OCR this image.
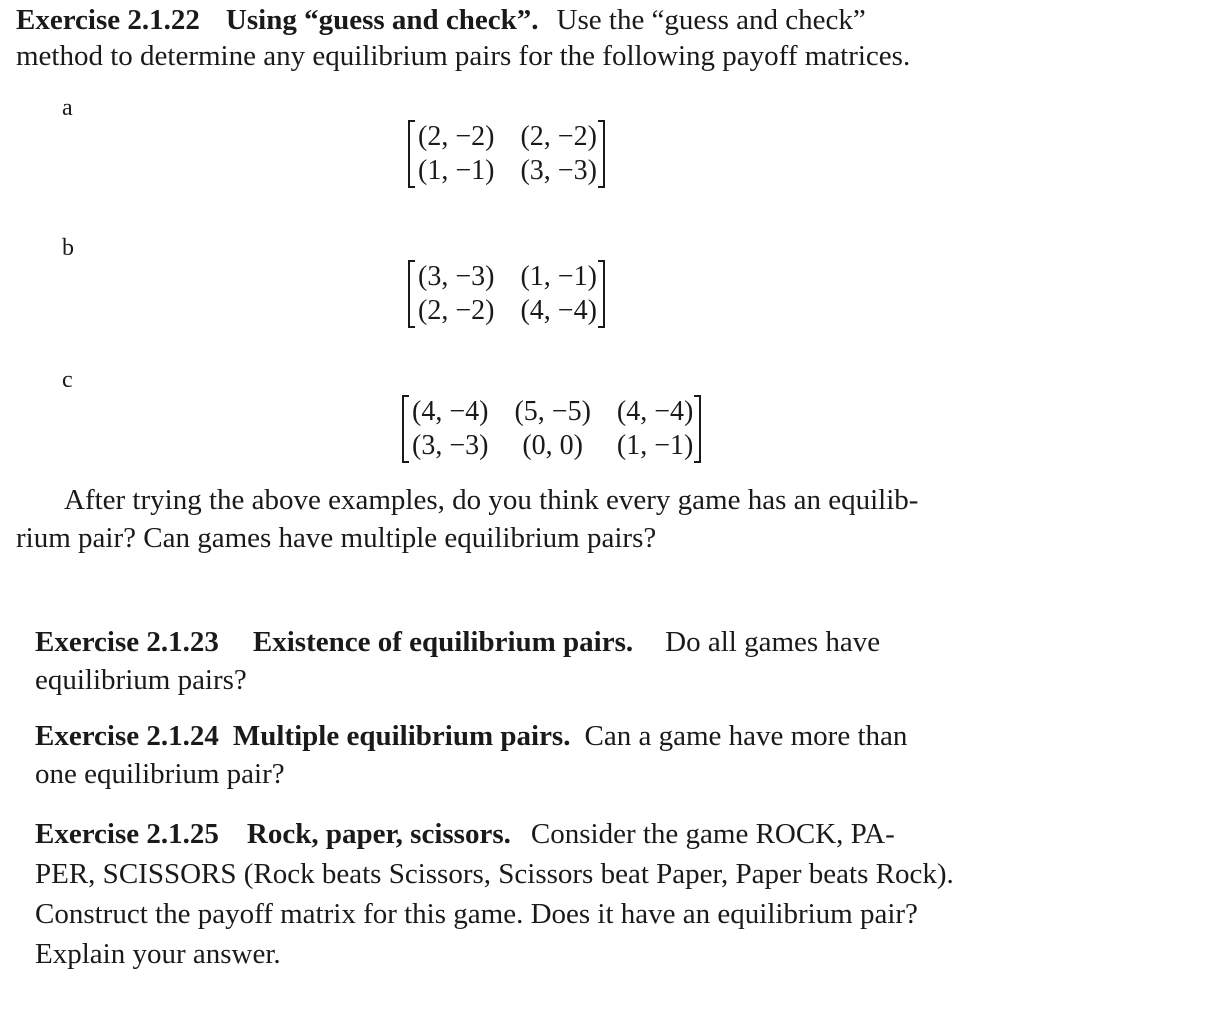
Exercise 2.1.22 Using “guess and check”. Use the “guess and check”
method to determine any equilibrium pairs for the following payoff matrices.
a
(2, −2)	(2, −2)
(1, −1)	(3, −3)
b
(3, −3)	(1, −1)
(2, −2)	(4, −4)
c
(4, −4)	(5, −5)	(4, −4)
(3, −3)	(0, 0)	(1, −1)
After trying the above examples, do you think every game has an equilib-
rium pair? Can games have multiple equilibrium pairs?
Exercise 2.1.23 Existence of equilibrium pairs. Do all games have
equilibrium pairs?
Exercise 2.1.24 Multiple equilibrium pairs. Can a game have more than
one equilibrium pair?
Exercise 2.1.25 Rock, paper, scissors. Consider the game ROCK, PA-
PER, SCISSORS (Rock beats Scissors, Scissors beat Paper, Paper beats Rock).
Construct the payoff matrix for this game. Does it have an equilibrium pair?
Explain your answer.
